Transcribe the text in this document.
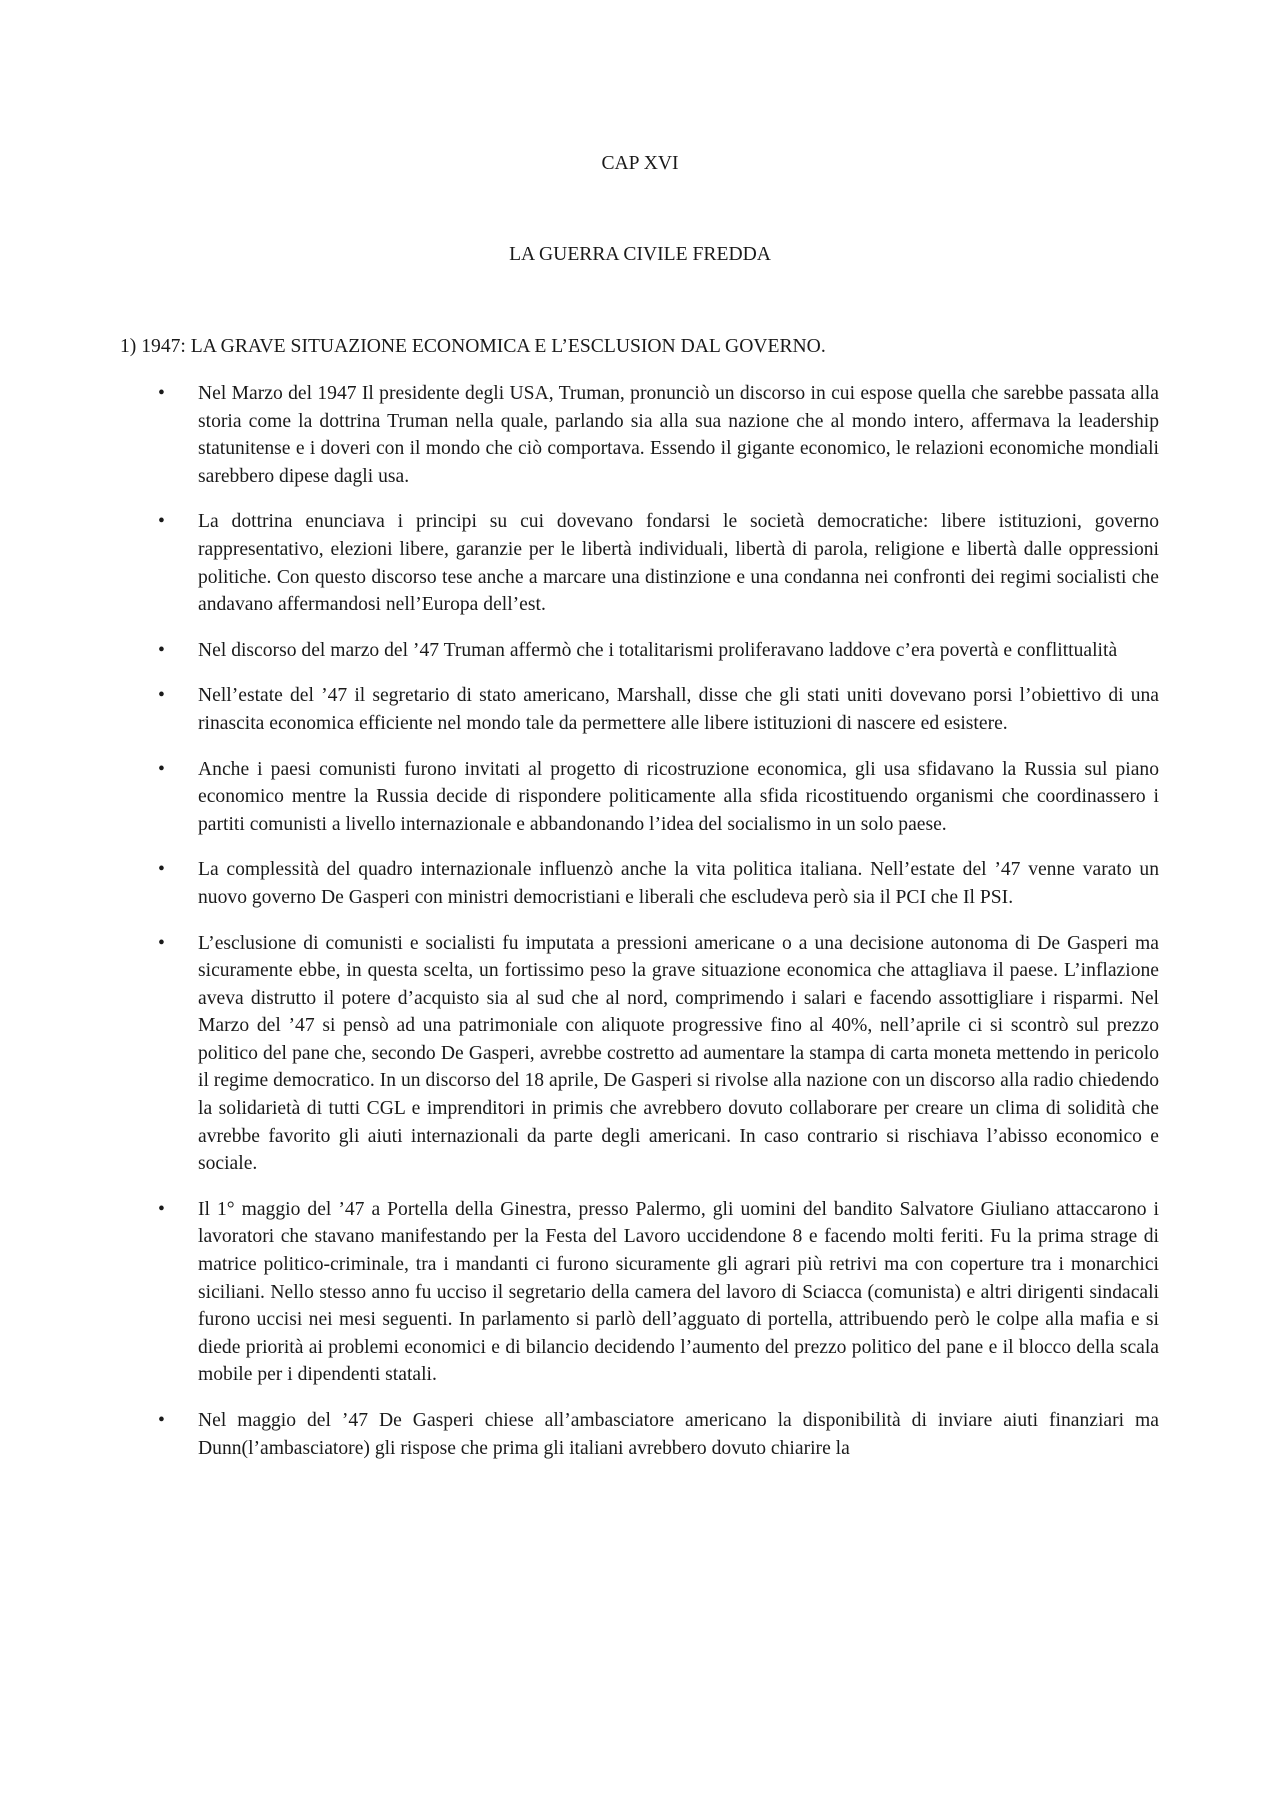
CAP XVI
LA GUERRA CIVILE FREDDA
1) 1947: LA GRAVE SITUAZIONE ECONOMICA E L’ESCLUSION DAL GOVERNO.
•	Nel Marzo del 1947 Il presidente degli USA, Truman, pronunciò un discorso in cui espose quella che sarebbe passata alla storia come la dottrina Truman nella quale, parlando sia alla sua nazione che al mondo intero, affermava la leadership statunitense e i doveri con il mondo che ciò comportava. Essendo il gigante economico, le relazioni economiche mondiali sarebbero dipese dagli usa.

•	La dottrina enunciava i principi su cui dovevano fondarsi le società democratiche: libere istituzioni, governo rappresentativo, elezioni libere, garanzie per le libertà individuali, libertà di parola, religione e libertà dalle oppressioni politiche. Con questo discorso tese anche a marcare una distinzione e una condanna nei confronti dei regimi socialisti che andavano affermandosi nell’Europa dell’est.

•	Nel discorso del marzo del ’47 Truman affermò che i totalitarismi proliferavano laddove c’era povertà e conflittualità

•	Nell’estate del ’47 il segretario di stato americano, Marshall, disse che gli stati uniti dovevano porsi l’obiettivo di una rinascita economica efficiente nel mondo tale da permettere alle libere istituzioni di nascere ed esistere.

•	Anche i paesi comunisti furono invitati al progetto di ricostruzione economica, gli usa sfidavano la Russia sul piano economico mentre la Russia decide di rispondere politicamente alla sfida ricostituendo organismi che coordinassero i partiti comunisti a livello internazionale e abbandonando l’idea del socialismo in un solo paese.

•	La complessità del quadro internazionale influenzò anche la vita politica italiana. Nell’estate del ’47 venne varato un nuovo governo De Gasperi con ministri democristiani e liberali che escludeva però sia il PCI che Il PSI.

•	L’esclusione di comunisti e socialisti fu imputata a pressioni americane o a una decisione autonoma di De Gasperi ma sicuramente ebbe, in questa scelta, un fortissimo peso la grave situazione economica che attagliava il paese. L’inflazione aveva distrutto il potere d’acquisto sia al sud che al nord, comprimendo i salari e facendo assottigliare i risparmi. Nel Marzo del ’47 si pensò ad una patrimoniale con aliquote progressive fino al 40%, nell’aprile ci si scontrò sul prezzo politico del pane che, secondo De Gasperi, avrebbe costretto ad aumentare la stampa di carta moneta mettendo in pericolo il regime democratico. In un discorso del 18 aprile, De Gasperi si rivolse alla nazione con un discorso alla radio chiedendo la solidarietà di tutti CGL e imprenditori in primis che avrebbero dovuto collaborare per creare un clima di solidità che avrebbe favorito gli aiuti internazionali da parte degli americani. In caso contrario si rischiava l’abisso economico e sociale.

•	Il 1° maggio del ’47 a Portella della Ginestra, presso Palermo, gli uomini del bandito Salvatore Giuliano attaccarono i lavoratori che stavano manifestando per la Festa del Lavoro uccidendone 8 e facendo molti feriti. Fu la prima strage di matrice politico-criminale, tra i mandanti ci furono sicuramente gli agrari più retrivi ma con coperture tra i monarchici siciliani. Nello stesso anno fu ucciso il segretario della camera del lavoro di Sciacca (comunista) e altri dirigenti sindacali furono uccisi nei mesi seguenti. In parlamento si parlò dell’agguato di portella, attribuendo però le colpe alla mafia e si diede priorità ai problemi economici e di bilancio decidendo l’aumento del prezzo politico del pane e il blocco della scala mobile per i dipendenti statali.

•	Nel maggio del ’47 De Gasperi chiese all’ambasciatore americano la disponibilità di inviare aiuti finanziari ma Dunn(l’ambasciatore) gli rispose che prima gli italiani avrebbero dovuto chiarire la
